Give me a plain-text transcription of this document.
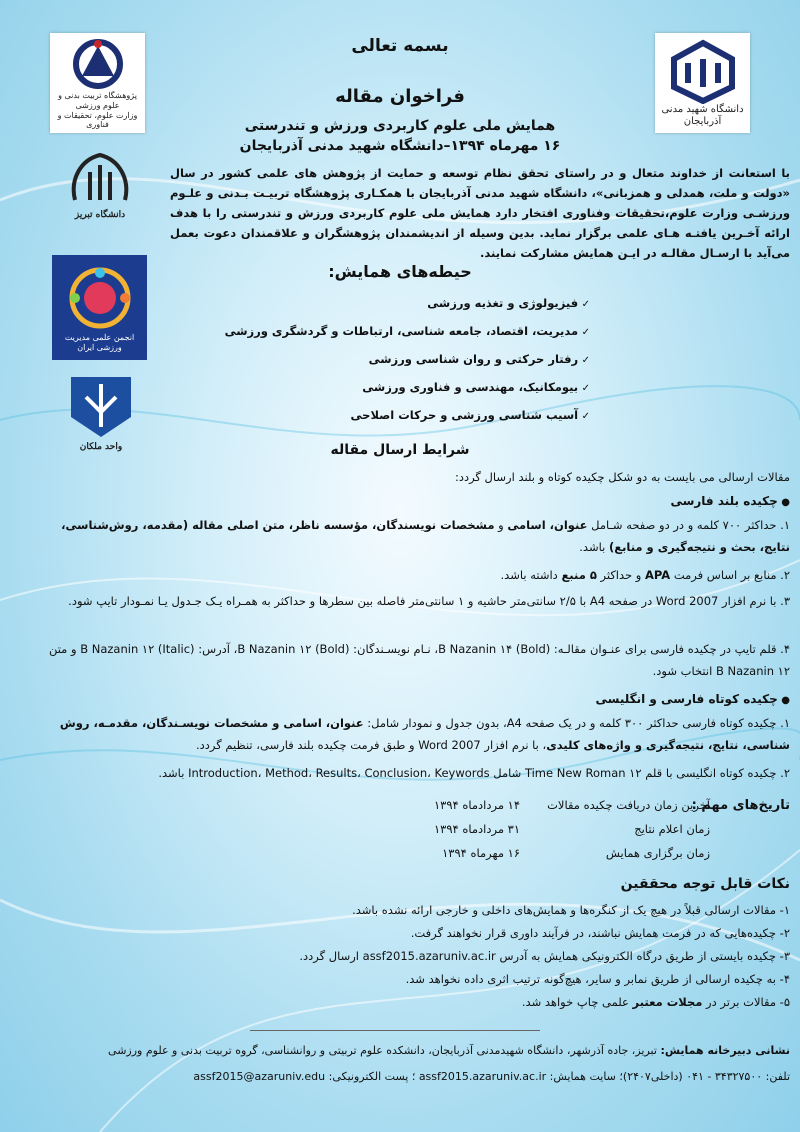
پژوهشگاه تربیت بدنی و علوم ورزشی
وزارت علوم، تحقیقات و فناوری
دانشگاه شهید مدنی آذربایجان
دانشگاه تبریز
انجمن علمی مدیریت ورزشی ایران
واحد ملکان
بسمه تعالی
فراخوان مقاله
همایش ملی علوم کاربردی ورزش و تندرستی
۱۶ مهرماه ۱۳۹۴–دانشگاه شهید مدنی آذربایجان
با استعانت از خداوند متعال و در راستای تحقق نظام توسعه و حمایت از پژوهش های علمی کشور در سال «دولت و ملت، همدلی و همزبانی»، دانشگاه شهید مدنی آذربایجان با همکـاری پژوهشگاه تربیـت بـدنی و علـوم ورزشـی وزارت علوم،تحقیقات وفناوری افتخار دارد همایش ملی علوم کاربردی ورزش و تندرستی را با هدف ارائه آخـرین یافتـه هـای علمی برگزار نماید. بدین وسیله از اندیشمندان پژوهشگران و علاقمندان دعوت بعمل می‌آید با ارسـال مقالـه در ایـن همایش مشارکت نمایند.
حیطه‌های همایش:
✓ فیزیولوژی و تغذیه ورزشی
✓ مدیریت، اقتصاد، جامعه شناسی، ارتباطات و گردشگری ورزشی
✓ رفتار حرکتی و روان شناسی ورزشی
✓ بیومکانیک، مهندسی و فناوری ورزشی
✓ آسیب شناسی ورزشی و حرکات اصلاحی
شرایط ارسال مقاله
مقالات ارسالی می بایست به دو شکل چکیده کوتاه و بلند ارسال گردد:
● چکیده بلند فارسی
۱. حداکثر ۷۰۰ کلمه و در دو صفحه شـامل عنوان، اسامی و مشخصات نویسندگان، مؤسسه ناظر، متن اصلی مقاله (مقدمه، روش‌شناسی، نتایج، بحث و نتیجه‌گیری و منابع) باشد.
۲. منابع بر اساس فرمت APA و حداکثر ۵ منبع داشته باشد.
۳. با نرم افزار Word 2007 در صفحه A4 با ۲/۵ سانتی‌متر حاشیه و ۱ سانتی‌متر فاصله بین سطرها و حداکثر به همـراه یـک جـدول یـا نمـودار تایپ شود.
۴. قلم تایپ در چکیده فارسی برای عنـوان مقالـه: B Nazanin ۱۴ (Bold)، نـام نویسـندگان: B Nazanin ۱۲ (Bold)، آدرس: B Nazanin ۱۲ (Italic) و متن B Nazanin ۱۲ انتخاب شود.
● چکیده کوتاه فارسی و انگلیسی
۱. چکیده کوتاه فارسی حداکثر ۳۰۰ کلمه و در یک صفحه A4، بدون جدول و نمودار شامل: عنوان، اسامی و مشخصات نویسـندگان، مقدمـه، روش شناسی، نتایج، نتیجه‌گیری و واژه‌های کلیدی، با نرم افزار Word 2007 و طبق فرمت چکیده بلند فارسی، تنظیم گردد.
۲. چکیده کوتاه انگلیسی با قلم Time New Roman ۱۲ شامل Introduction، Method، Results، Conclusion، Keywords باشد.
تاریخ‌های مهم :
آخرین زمان دریافت چکیده مقالات
۱۴ مردادماه ۱۳۹۴
زمان اعلام نتایج
۳۱ مردادماه ۱۳۹۴
زمان برگزاری همایش
۱۶ مهرماه ۱۳۹۴
نکات قابل توجه محققین
۱- مقالات ارسالی قبلاً در هیچ یک از کنگره‌ها و همایش‌های داخلی و خارجی ارائه نشده باشد.
۲- چکیده‌هایی که در فرمت همایش نباشند، در فرآیند داوری قرار نخواهند گرفت.
۳- چکیده بایستی از طریق درگاه الکترونیکی همایش به آدرس assf2015.azaruniv.ac.ir ارسال گردد.
۴- به چکیده ارسالی از طریق نمابر و سایر، هیچ‌گونه ترتیب اثری داده نخواهد شد.
۵- مقالات برتر در مجلات معتبر علمی چاپ خواهد شد.
نشانی دبیرخانه همایش: تبریز، جاده آذرشهر، دانشگاه شهیدمدنی آذربایجان، دانشکده علوم تربیتی و روانشناسی، گروه تربیت بدنی و علوم ورزشی
تلفن: ۳۴۳۲۷۵۰۰ - ۰۴۱ (داخلی۲۴۰۷)؛ سایت همایش: assf2015.azaruniv.ac.ir ؛ پست الکترونیکی: assf2015@azaruniv.edu
